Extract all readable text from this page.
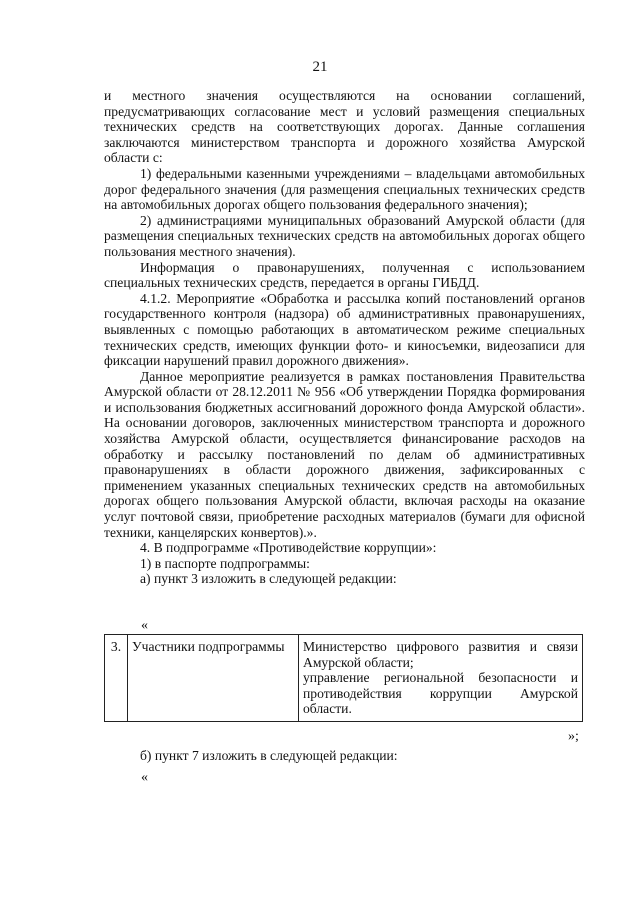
21

и местного значения осуществляются на основании соглашений, предусматривающих согласование мест и условий размещения специальных технических средств на соответствующих дорогах. Данные соглашения заключаются министерством транспорта и дорожного хозяйства Амурской области с:

1) федеральными казенными учреждениями – владельцами автомобильных дорог федерального значения (для размещения специальных технических средств на автомобильных дорогах общего пользования федерального значения);

2) администрациями муниципальных образований Амурской области (для размещения специальных технических средств на автомобильных дорогах общего пользования местного значения).

Информация о правонарушениях, полученная с использованием специальных технических средств, передается в органы ГИБДД.

4.1.2. Мероприятие «Обработка и рассылка копий постановлений органов государственного контроля (надзора) об административных правонарушениях, выявленных с помощью работающих в автоматическом режиме специальных технических средств, имеющих функции фото- и киносъемки, видеозаписи для фиксации нарушений правил дорожного движения».

Данное мероприятие реализуется в рамках постановления Правительства Амурской области от 28.12.2011 № 956 «Об утверждении Порядка формирования и использования бюджетных ассигнований дорожного фонда Амурской области». На основании договоров, заключенных министерством транспорта и дорожного хозяйства Амурской области, осуществляется финансирование расходов на обработку и рассылку постановлений по делам об административных правонарушениях в области дорожного движения, зафиксированных с применением указанных специальных технических средств на автомобильных дорогах общего пользования Амурской области, включая расходы на оказание услуг почтовой связи, приобретение расходных материалов (бумаги для офисной техники, канцелярских конвертов).».

4. В подпрограмме «Противодействие коррупции»:

1) в паспорте подпрограммы:

а) пункт 3 изложить в следующей редакции:

«
3.	Участники подпрограммы	Министерство цифрового развития и связи Амурской области;
управление региональной безопасности и противодействия коррупции Амурской области.
»;
б) пункт 7 изложить в следующей редакции:
«
